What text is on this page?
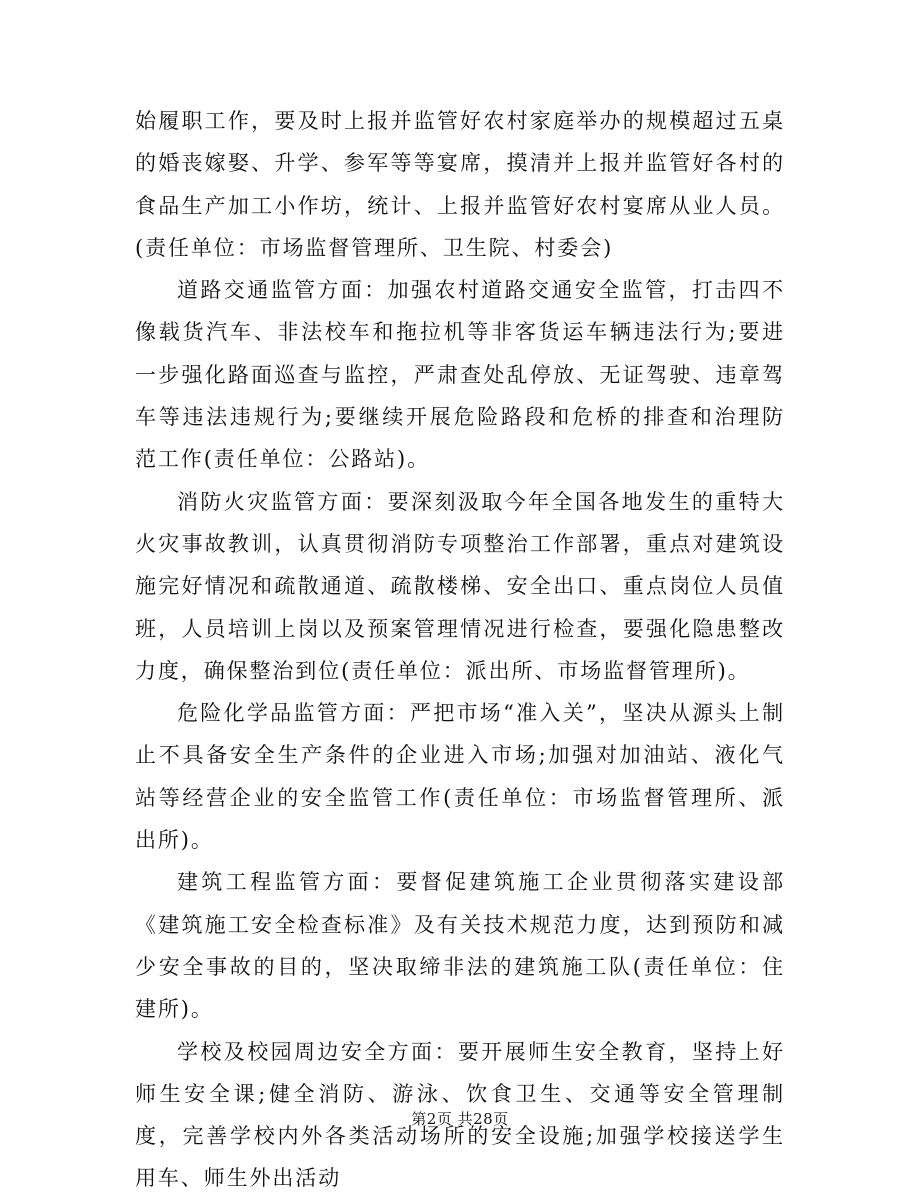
始履职工作，要及时上报并监管好农村家庭举办的规模超过五桌的婚丧嫁娶、升学、参军等等宴席，摸清并上报并监管好各村的食品生产加工小作坊，统计、上报并监管好农村宴席从业人员。(责任单位：市场监督管理所、卫生院、村委会)

道路交通监管方面：加强农村道路交通安全监管，打击四不像载货汽车、非法校车和拖拉机等非客货运车辆违法行为;要进一步强化路面巡查与监控，严肃查处乱停放、无证驾驶、违章驾车等违法违规行为;要继续开展危险路段和危桥的排查和治理防范工作(责任单位：公路站)。

消防火灾监管方面：要深刻汲取今年全国各地发生的重特大火灾事故教训，认真贯彻消防专项整治工作部署，重点对建筑设施完好情况和疏散通道、疏散楼梯、安全出口、重点岗位人员值班，人员培训上岗以及预案管理情况进行检查，要强化隐患整改力度，确保整治到位(责任单位：派出所、市场监督管理所)。

危险化学品监管方面：严把市场“准入关”，坚决从源头上制止不具备安全生产条件的企业进入市场;加强对加油站、液化气站等经营企业的安全监管工作(责任单位：市场监督管理所、派出所)。

建筑工程监管方面：要督促建筑施工企业贯彻落实建设部《建筑施工安全检查标准》及有关技术规范力度，达到预防和减少安全事故的目的，坚决取缔非法的建筑施工队(责任单位：住建所)。

学校及校园周边安全方面：要开展师生安全教育，坚持上好师生安全课;健全消防、游泳、饮食卫生、交通等安全管理制度，完善学校内外各类活动场所的安全设施;加强学校接送学生用车、师生外出活动

第2页 共28页
